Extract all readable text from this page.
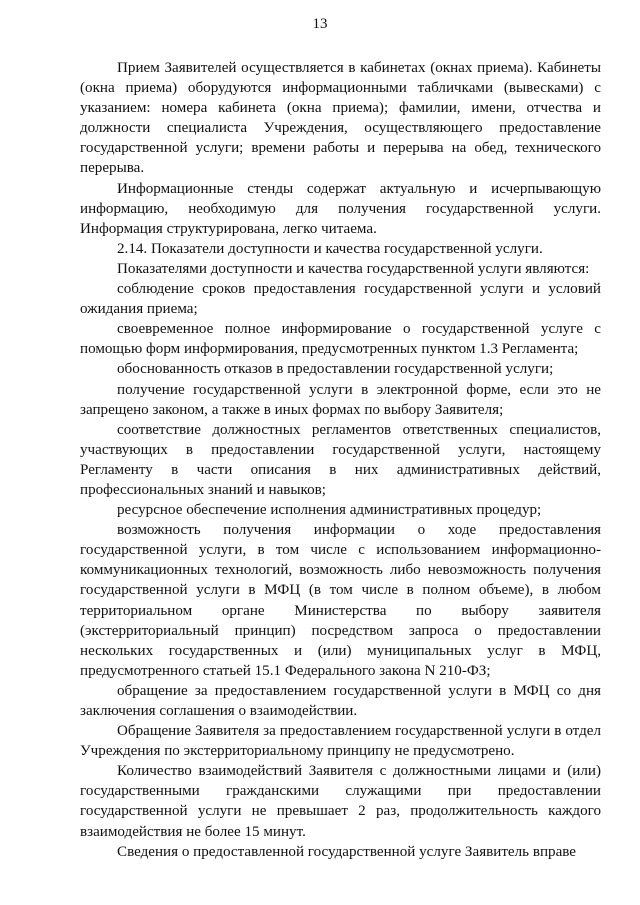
13

Прием Заявителей осуществляется в кабинетах (окнах приема). Кабинеты (окна приема) оборудуются информационными табличками (вывесками) с указанием: номера кабинета (окна приема); фамилии, имени, отчества и должности специалиста Учреждения, осуществляющего предоставление государственной услуги; времени работы и перерыва на обед, технического перерыва.

Информационные стенды содержат актуальную и исчерпывающую информацию, необходимую для получения государственной услуги. Информация структурирована, легко читаема.

2.14. Показатели доступности и качества государственной услуги.

Показателями доступности и качества государственной услуги являются:

соблюдение сроков предоставления государственной услуги и условий ожидания приема;

своевременное полное информирование о государственной услуге с помощью форм информирования, предусмотренных пунктом 1.3 Регламента;

обоснованность отказов в предоставлении государственной услуги;

получение государственной услуги в электронной форме, если это не запрещено законом, а также в иных формах по выбору Заявителя;

соответствие должностных регламентов ответственных специалистов, участвующих в предоставлении государственной услуги, настоящему Регламенту в части описания в них административных действий, профессиональных знаний и навыков;

ресурсное обеспечение исполнения административных процедур;

возможность получения информации о ходе предоставления государственной услуги, в том числе с использованием информационно-коммуникационных технологий, возможность либо невозможность получения государственной услуги в МФЦ (в том числе в полном объеме), в любом территориальном органе Министерства по выбору заявителя (экстерриториальный принцип) посредством запроса о предоставлении нескольких государственных и (или) муниципальных услуг в МФЦ, предусмотренного статьей 15.1 Федерального закона N 210-ФЗ;

обращение за предоставлением государственной услуги в МФЦ со дня заключения соглашения о взаимодействии.

Обращение Заявителя за предоставлением государственной услуги в отдел Учреждения по экстерриториальному принципу не предусмотрено.

Количество взаимодействий Заявителя с должностными лицами и (или) государственными гражданскими служащими при предоставлении государственной услуги не превышает 2 раз, продолжительность каждого взаимодействия не более 15 минут.

Сведения о предоставленной государственной услуге Заявитель вправе
